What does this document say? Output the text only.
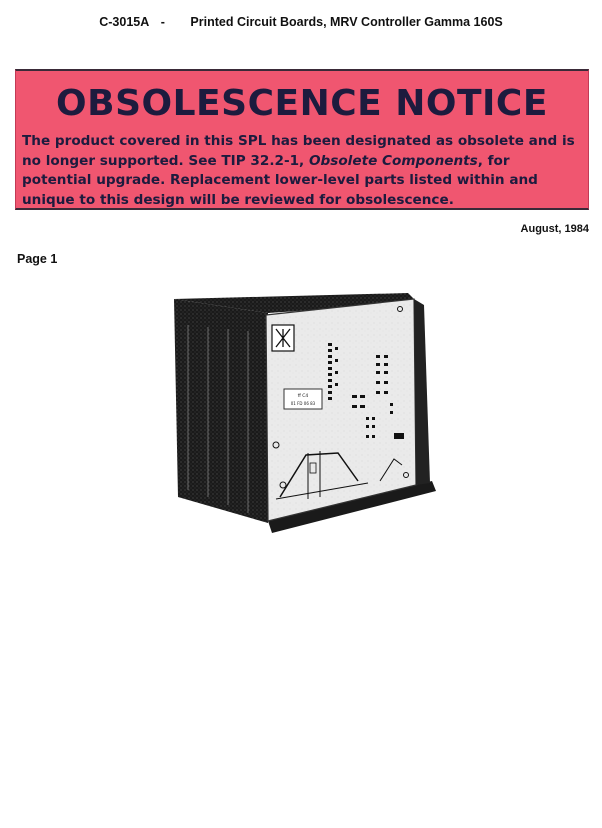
C-3015A - Printed Circuit Boards, MRV Controller Gamma 160S
OBSOLESCENCE NOTICE
The product covered in this SPL has been designated as obsolete and is no longer supported. See TIP 32.2-1, Obsolete Components, for potential upgrade. Replacement lower-level parts listed within and unique to this design will be reviewed for obsolescence.
August, 1984
Page 1
ff C4
01 FD 06 83
